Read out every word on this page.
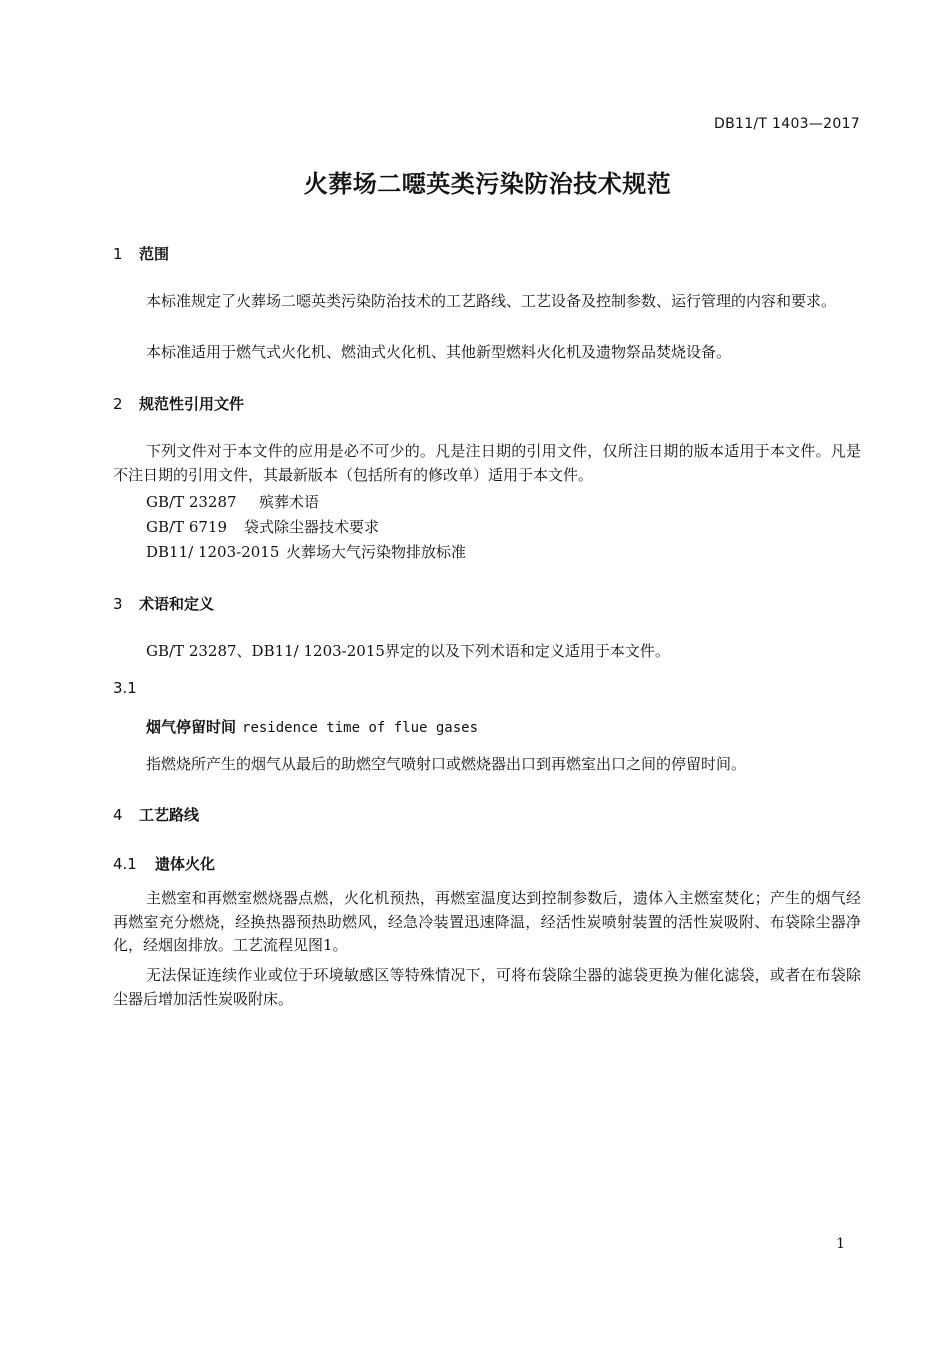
DB11/T 1403—2017
火葬场二噁英类污染防治技术规范
1 范围
本标准规定了火葬场二噁英类污染防治技术的工艺路线、工艺设备及控制参数、运行管理的内容和要求。
本标准适用于燃气式火化机、燃油式火化机、其他新型燃料火化机及遗物祭品焚烧设备。
2 规范性引用文件
下列文件对于本文件的应用是必不可少的。凡是注日期的引用文件，仅所注日期的版本适用于本文件。凡是不注日期的引用文件，其最新版本（包括所有的修改单）适用于本文件。
GB/T 23287 殡葬术语
GB/T 6719 袋式除尘器技术要求
DB11/ 1203-2015 火葬场大气污染物排放标准
3 术语和定义
GB/T 23287、DB11/ 1203-2015界定的以及下列术语和定义适用于本文件。
3.1
烟气停留时间 residence time of flue gases
指燃烧所产生的烟气从最后的助燃空气喷射口或燃烧器出口到再燃室出口之间的停留时间。
4 工艺路线
4.1 遗体火化
主燃室和再燃室燃烧器点燃，火化机预热，再燃室温度达到控制参数后，遗体入主燃室焚化；产生的烟气经再燃室充分燃烧，经换热器预热助燃风，经急冷装置迅速降温，经活性炭喷射装置的活性炭吸附、布袋除尘器净化，经烟囱排放。工艺流程见图1。
无法保证连续作业或位于环境敏感区等特殊情况下，可将布袋除尘器的滤袋更换为催化滤袋，或者在布袋除尘器后增加活性炭吸附床。
1
